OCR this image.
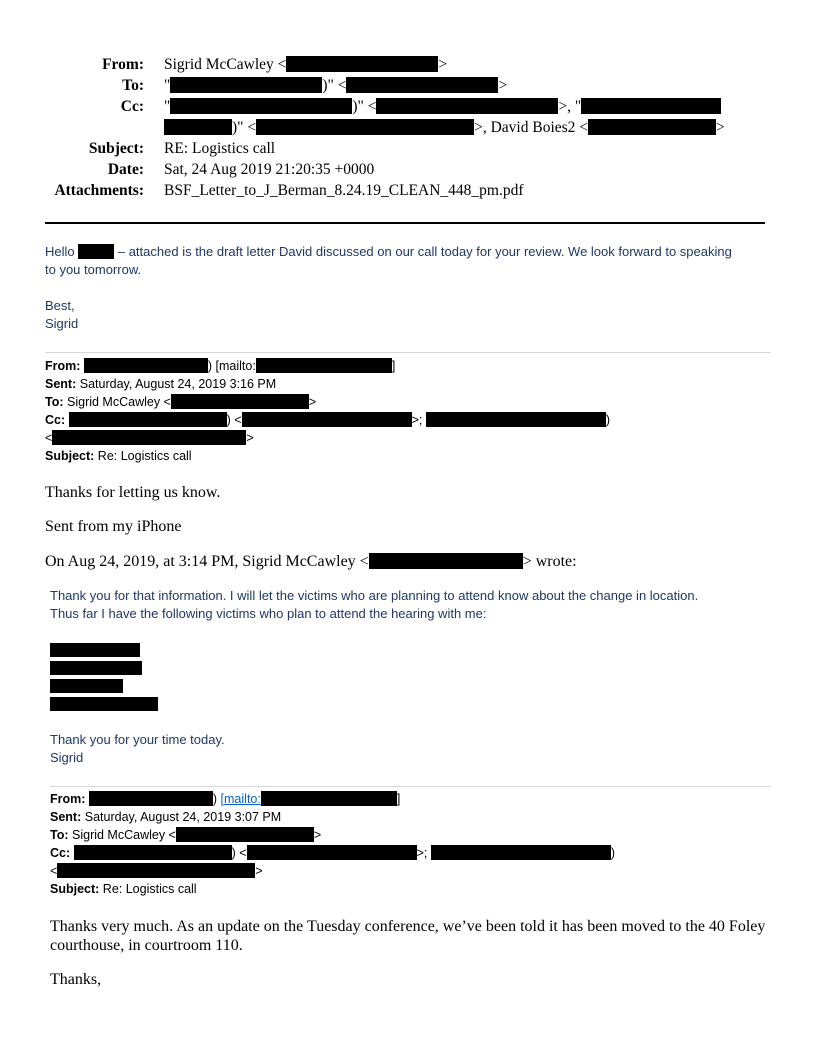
From: Sigrid McCawley <	>
To: "	)" <	>
Cc: "	)" <	>, "
)" <	>, David Boies2 <	>
Subject: RE: Logistics call
Date: Sat, 24 Aug 2019 21:20:35 +0000
Attachments: BSF_Letter_to_J_Berman_8.24.19_CLEAN_448_pm.pdf
Hello	– attached is the draft letter David discussed on our call today for your review. We look forward to speaking
to you tomorrow.
Best,
Sigrid
From:	) [mailto:	]
Sent: Saturday, August 24, 2019 3:16 PM
To: Sigrid McCawley <	>
Cc:	) <	>;	)
<	>
Subject: Re: Logistics call
Thanks for letting us know.
Sent from my iPhone
On Aug 24, 2019, at 3:14 PM, Sigrid McCawley <	> wrote:
Thank you for that information. I will let the victims who are planning to attend know about the change in location.
Thus far I have the following victims who plan to attend the hearing with me:
Thank you for your time today.
Sigrid
From:	) [mailto:	]
Sent: Saturday, August 24, 2019 3:07 PM
To: Sigrid McCawley <	>
Cc:	) <	>;	)
<	>
Subject: Re: Logistics call
Thanks very much. As an update on the Tuesday conference, we’ve been told it has been moved to the 40 Foley
courthouse, in courtroom 110.
Thanks,
